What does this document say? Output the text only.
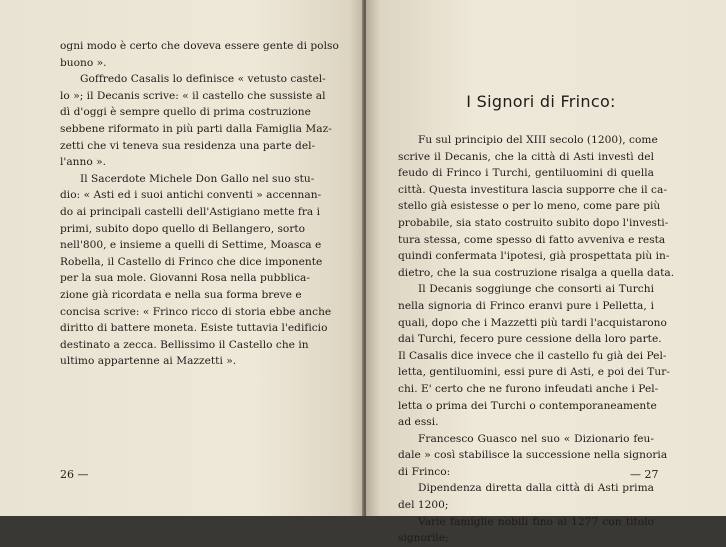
ogni modo è certo che doveva essere gente di polso
buono ».
Goffredo Casalis lo definisce « vetusto castel-
lo »; il Decanis scrive: « il castello che sussiste al
dì d'oggi è sempre quello di prima costruzione
sebbene riformato in più parti dalla Famiglia Maz-
zetti che vi teneva sua residenza una parte del-
l'anno ».
Il Sacerdote Michele Don Gallo nel suo stu-
dio: « Asti ed i suoi antichi conventi » accennan-
do ai principali castelli dell'Astigiano mette fra i
primi, subito dopo quello di Bellangero, sorto
nell'800, e insieme a quelli di Settime, Moasca e
Robella, il Castello di Frinco che dice imponente
per la sua mole. Giovanni Rosa nella pubblica-
zione già ricordata e nella sua forma breve e
concisa scrive: « Frinco ricco di storia ebbe anche
diritto di battere moneta. Esiste tuttavia l'edificio
destinato a zecca. Bellissimo il Castello che in
ultimo appartenne ai Mazzetti ».
26 —
I Signori di Frinco:
Fu sul principio del XIII secolo (1200), come
scrive il Decanis, che la città di Asti investì del
feudo di Frinco i Turchi, gentiluomini di quella
città. Questa investitura lascia supporre che il ca-
stello già esistesse o per lo meno, come pare più
probabile, sia stato costruito subito dopo l'investi-
tura stessa, come spesso di fatto avveniva e resta
quindi confermata l'ipotesi, già prospettata più in-
dietro, che la sua costruzione risalga a quella data.
Il Decanis soggiunge che consorti ai Turchi
nella signoria di Frinco eranvi pure i Pelletta, i
quali, dopo che i Mazzetti più tardi l'acquistarono
dai Turchi, fecero pure cessione della loro parte.
Il Casalis dice invece che il castello fu già dei Pel-
letta, gentiluomini, essi pure di Asti, e poi dei Tur-
chi. E' certo che ne furono infeudati anche i Pel-
letta o prima dei Turchi o contemporaneamente
ad essi.
Francesco Guasco nel suo « Dizionario feu-
dale » così stabilisce la successione nella signoria
di Frinco:
Dipendenza diretta dalla città di Asti prima
del 1200;
Varie famiglie nobili fino al 1277 con titolo
signorile;
— 27
